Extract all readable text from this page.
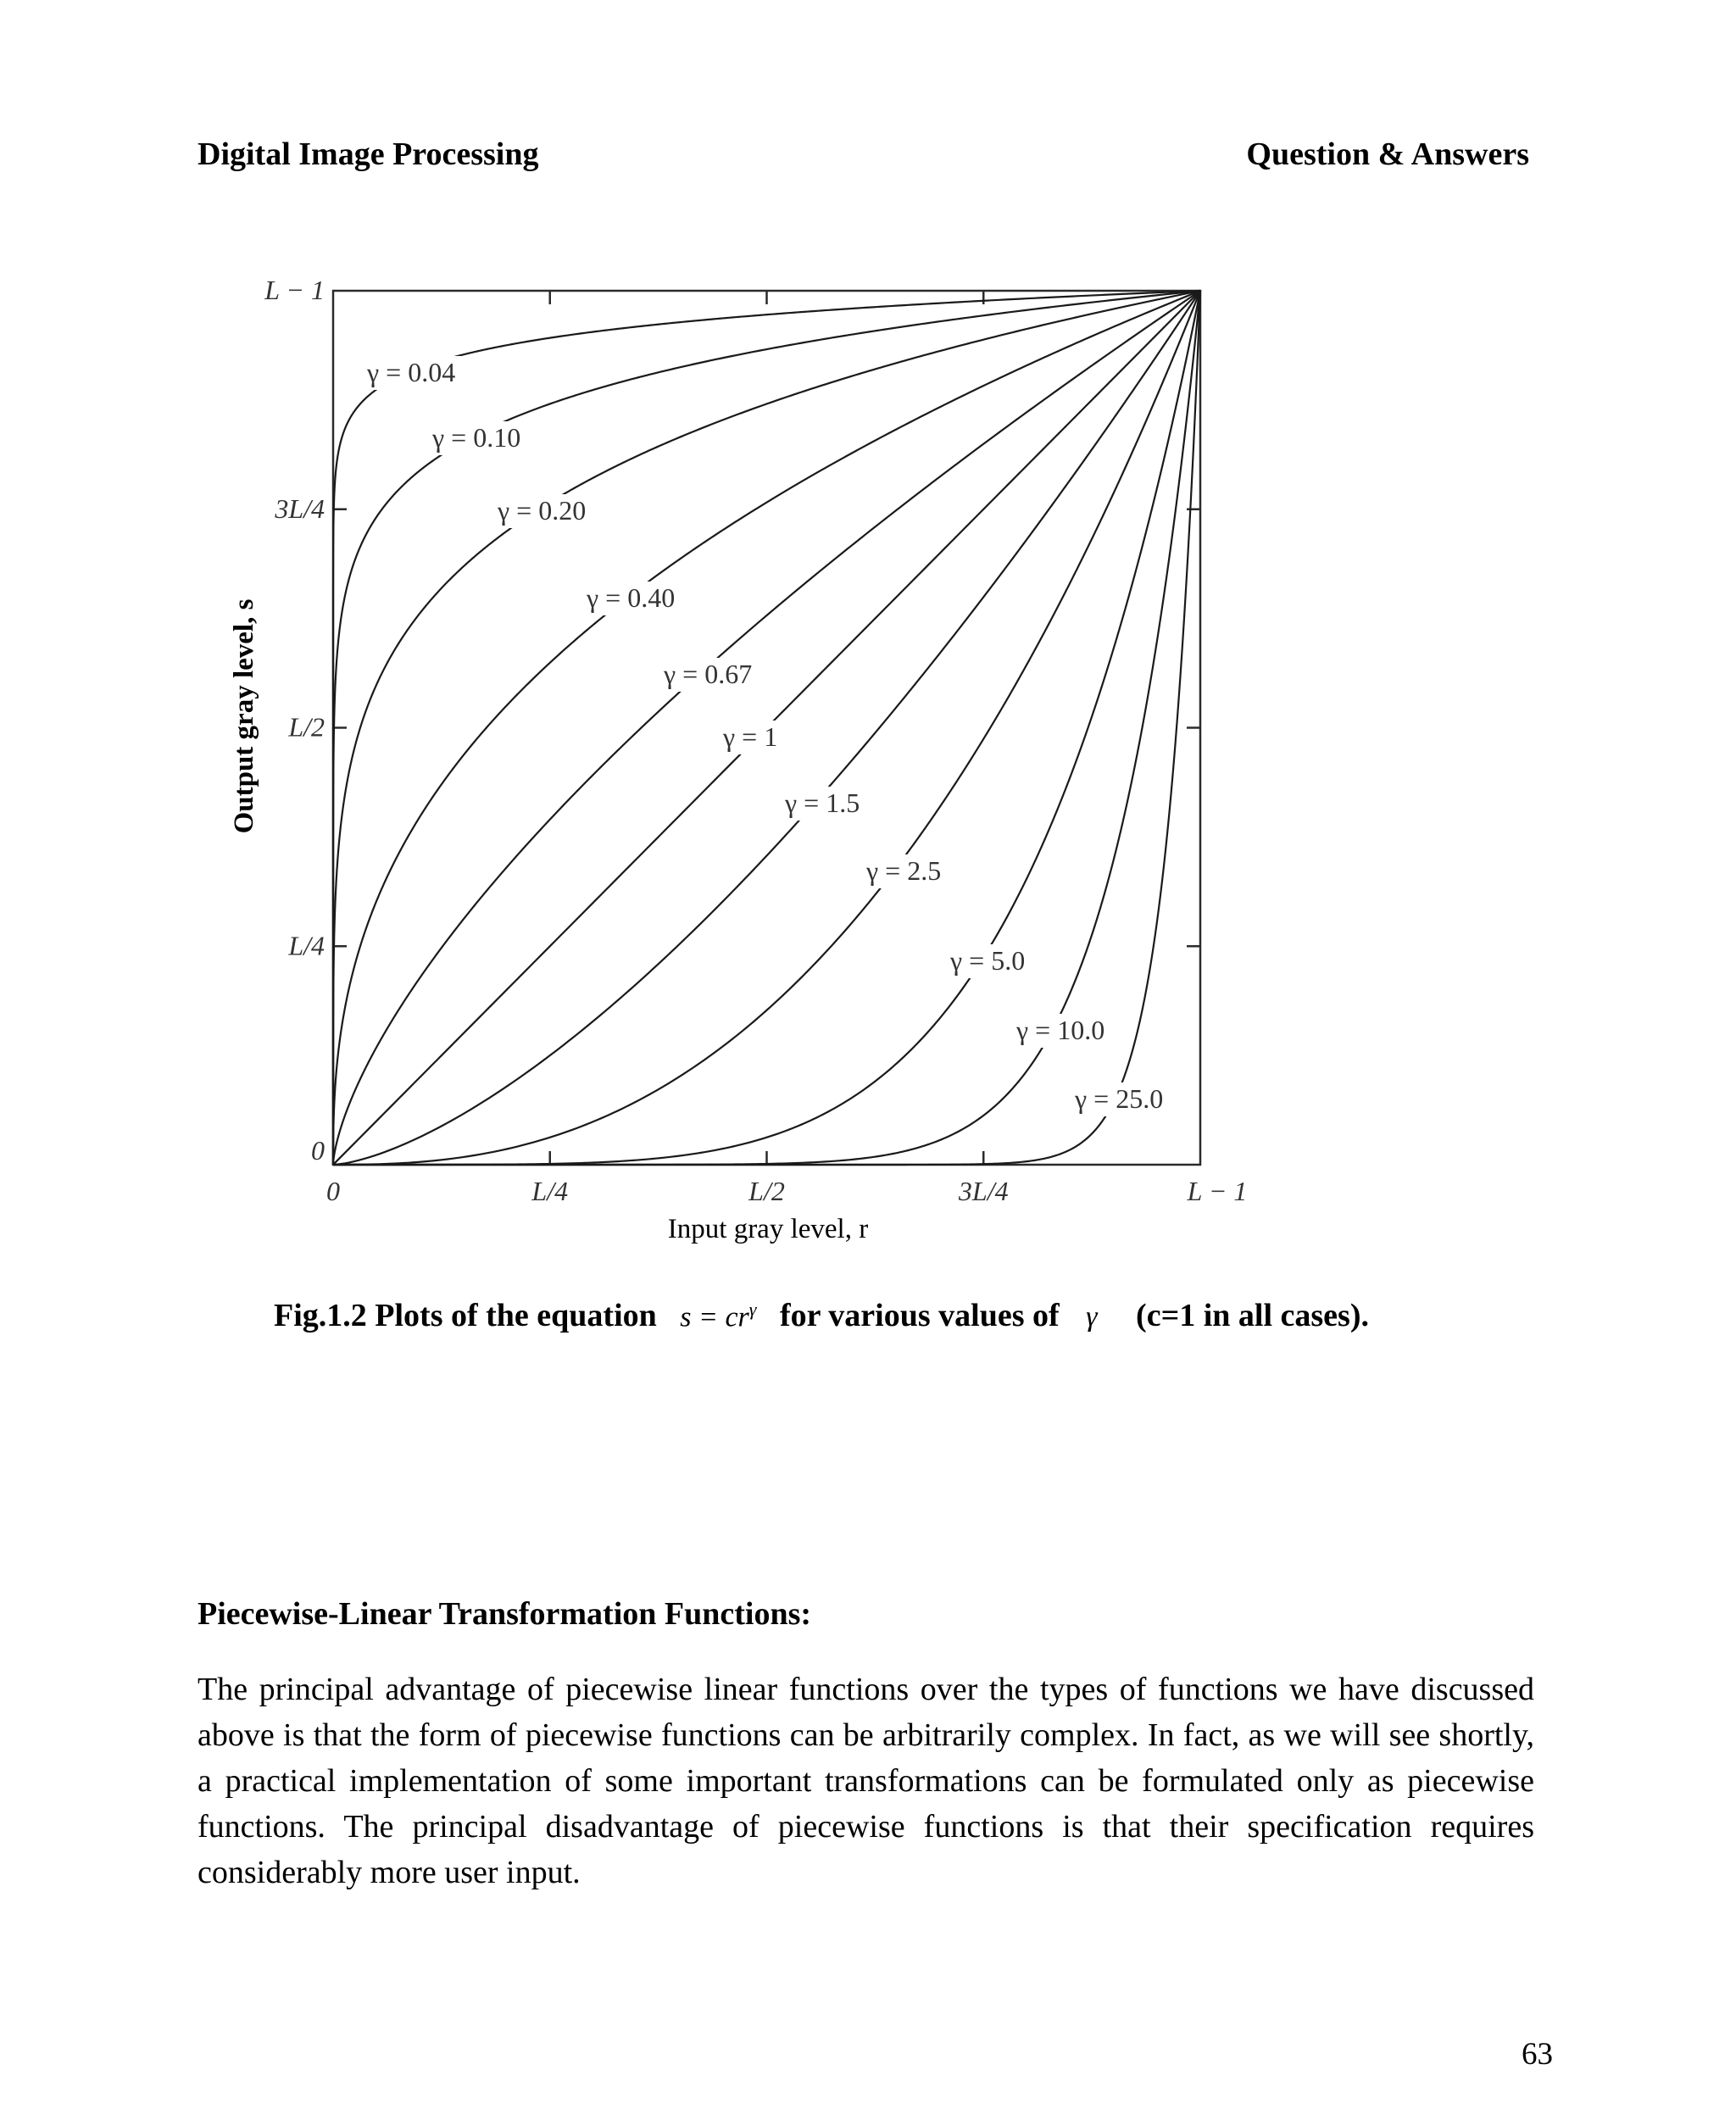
Digital Image Processing	Question & Answers
γ = 0.04
γ = 0.10
γ = 0.20
γ = 0.40
γ = 0.67
γ = 1
γ = 1.5
γ = 2.5
γ = 5.0
γ = 10.0
γ = 25.0
0	L/4	L/2	3L/4	L − 1
0
L/4
L/2
3L/4
L − 1
Input gray level, r
Output gray level, s
Fig.1.2 Plots of the equation $s = cr^\gamma$ for various values of γ (c=1 in all cases).
Piecewise-Linear Transformation Functions:

The principal advantage of piecewise linear functions over the types of functions we have discussed above is that the form of piecewise functions can be arbitrarily complex. In fact, as we will see shortly, a practical implementation of some important transformations can be formulated only as piecewise functions. The principal disadvantage of piecewise functions is that their specification requires considerably more user input.

63
